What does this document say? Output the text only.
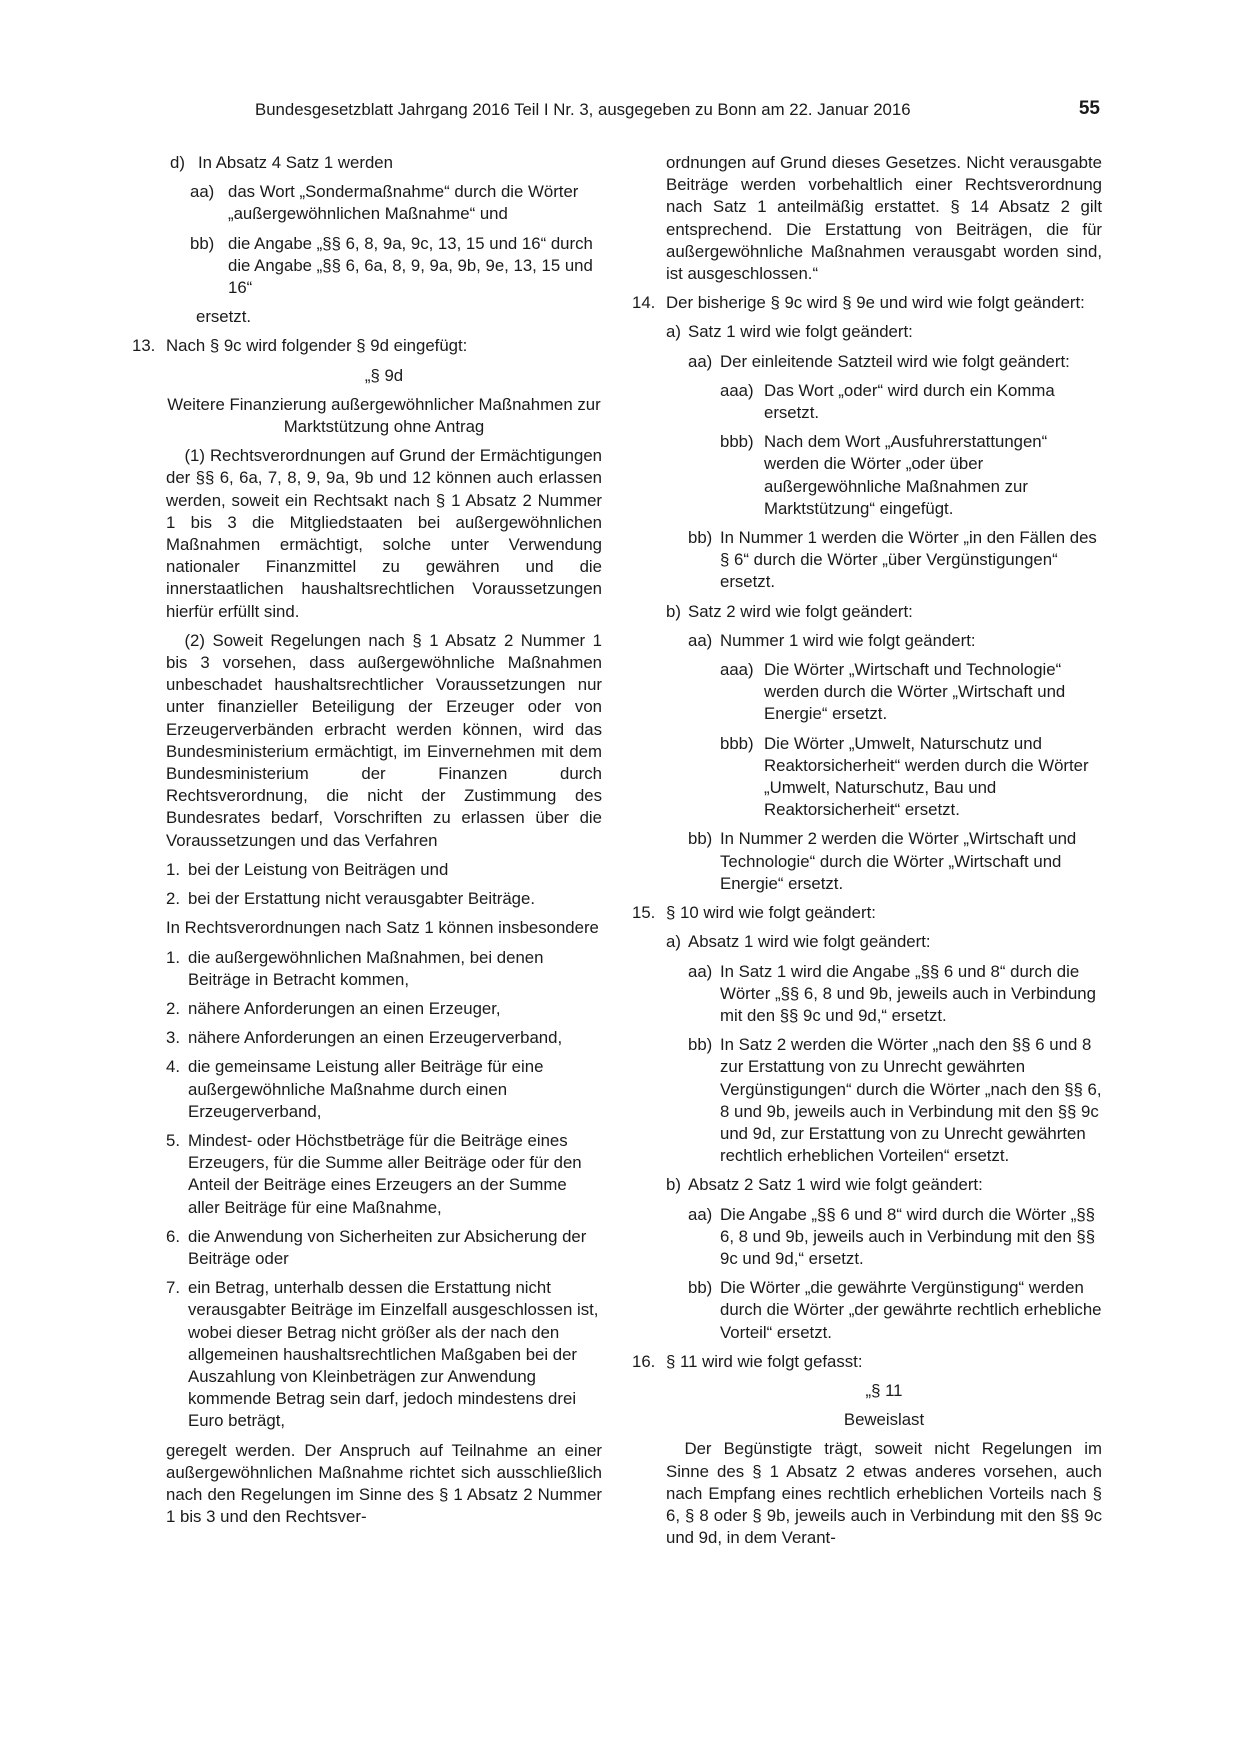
Bundesgesetzblatt Jahrgang 2016 Teil I Nr. 3, ausgegeben zu Bonn am 22. Januar 2016	55
d) In Absatz 4 Satz 1 werden
aa) das Wort „Sondermaßnahme“ durch die Wörter „außergewöhnlichen Maßnahme“ und
bb) die Angabe „§§ 6, 8, 9a, 9c, 13, 15 und 16“ durch die Angabe „§§ 6, 6a, 8, 9, 9a, 9b, 9e, 13, 15 und 16“
ersetzt.
13. Nach § 9c wird folgender § 9d eingefügt:
„§ 9d
Weitere Finanzierung außergewöhnlicher Maßnahmen zur Marktstützung ohne Antrag
(1) Rechtsverordnungen auf Grund der Ermächtigungen der §§ 6, 6a, 7, 8, 9, 9a, 9b und 12 können auch erlassen werden, soweit ein Rechtsakt nach § 1 Absatz 2 Nummer 1 bis 3 die Mitgliedstaaten bei außergewöhnlichen Maßnahmen ermächtigt, solche unter Verwendung nationaler Finanzmittel zu gewähren und die innerstaatlichen haushaltsrechtlichen Voraussetzungen hierfür erfüllt sind.
(2) Soweit Regelungen nach § 1 Absatz 2 Nummer 1 bis 3 vorsehen, dass außergewöhnliche Maßnahmen unbeschadet haushaltsrechtlicher Voraussetzungen nur unter finanzieller Beteiligung der Erzeuger oder von Erzeugerverbänden erbracht werden können, wird das Bundesministerium ermächtigt, im Einvernehmen mit dem Bundesministerium der Finanzen durch Rechtsverordnung, die nicht der Zustimmung des Bundesrates bedarf, Vorschriften zu erlassen über die Voraussetzungen und das Verfahren
1. bei der Leistung von Beiträgen und
2. bei der Erstattung nicht verausgabter Beiträge.
In Rechtsverordnungen nach Satz 1 können insbesondere
1. die außergewöhnlichen Maßnahmen, bei denen Beiträge in Betracht kommen,
2. nähere Anforderungen an einen Erzeuger,
3. nähere Anforderungen an einen Erzeugerverband,
4. die gemeinsame Leistung aller Beiträge für eine außergewöhnliche Maßnahme durch einen Erzeugerverband,
5. Mindest- oder Höchstbeträge für die Beiträge eines Erzeugers, für die Summe aller Beiträge oder für den Anteil der Beiträge eines Erzeugers an der Summe aller Beiträge für eine Maßnahme,
6. die Anwendung von Sicherheiten zur Absicherung der Beiträge oder
7. ein Betrag, unterhalb dessen die Erstattung nicht verausgabter Beiträge im Einzelfall ausgeschlossen ist, wobei dieser Betrag nicht größer als der nach den allgemeinen haushaltsrechtlichen Maßgaben bei der Auszahlung von Kleinbeträgen zur Anwendung kommende Betrag sein darf, jedoch mindestens drei Euro beträgt,
geregelt werden. Der Anspruch auf Teilnahme an einer außergewöhnlichen Maßnahme richtet sich ausschließlich nach den Regelungen im Sinne des § 1 Absatz 2 Nummer 1 bis 3 und den Rechtsver-
ordnungen auf Grund dieses Gesetzes. Nicht verausgabte Beiträge werden vorbehaltlich einer Rechtsverordnung nach Satz 1 anteilmäßig erstattet. § 14 Absatz 2 gilt entsprechend. Die Erstattung von Beiträgen, die für außergewöhnliche Maßnahmen verausgabt worden sind, ist ausgeschlossen.“
14. Der bisherige § 9c wird § 9e und wird wie folgt geändert:
a) Satz 1 wird wie folgt geändert:
aa) Der einleitende Satzteil wird wie folgt geändert:
aaa) Das Wort „oder“ wird durch ein Komma ersetzt.
bbb) Nach dem Wort „Ausfuhrerstattungen“ werden die Wörter „oder über außergewöhnliche Maßnahmen zur Marktstützung“ eingefügt.
bb) In Nummer 1 werden die Wörter „in den Fällen des § 6“ durch die Wörter „über Vergünstigungen“ ersetzt.
b) Satz 2 wird wie folgt geändert:
aa) Nummer 1 wird wie folgt geändert:
aaa) Die Wörter „Wirtschaft und Technologie“ werden durch die Wörter „Wirtschaft und Energie“ ersetzt.
bbb) Die Wörter „Umwelt, Naturschutz und Reaktorsicherheit“ werden durch die Wörter „Umwelt, Naturschutz, Bau und Reaktorsicherheit“ ersetzt.
bb) In Nummer 2 werden die Wörter „Wirtschaft und Technologie“ durch die Wörter „Wirtschaft und Energie“ ersetzt.
15. § 10 wird wie folgt geändert:
a) Absatz 1 wird wie folgt geändert:
aa) In Satz 1 wird die Angabe „§§ 6 und 8“ durch die Wörter „§§ 6, 8 und 9b, jeweils auch in Verbindung mit den §§ 9c und 9d,“ ersetzt.
bb) In Satz 2 werden die Wörter „nach den §§ 6 und 8 zur Erstattung von zu Unrecht gewährten Vergünstigungen“ durch die Wörter „nach den §§ 6, 8 und 9b, jeweils auch in Verbindung mit den §§ 9c und 9d, zur Erstattung von zu Unrecht gewährten rechtlich erheblichen Vorteilen“ ersetzt.
b) Absatz 2 Satz 1 wird wie folgt geändert:
aa) Die Angabe „§§ 6 und 8“ wird durch die Wörter „§§ 6, 8 und 9b, jeweils auch in Verbindung mit den §§ 9c und 9d,“ ersetzt.
bb) Die Wörter „die gewährte Vergünstigung“ werden durch die Wörter „der gewährte rechtlich erhebliche Vorteil“ ersetzt.
16. § 11 wird wie folgt gefasst:
„§ 11
Beweislast
Der Begünstigte trägt, soweit nicht Regelungen im Sinne des § 1 Absatz 2 etwas anderes vorsehen, auch nach Empfang eines rechtlich erheblichen Vorteils nach § 6, § 8 oder § 9b, jeweils auch in Verbindung mit den §§ 9c und 9d, in dem Verant-
